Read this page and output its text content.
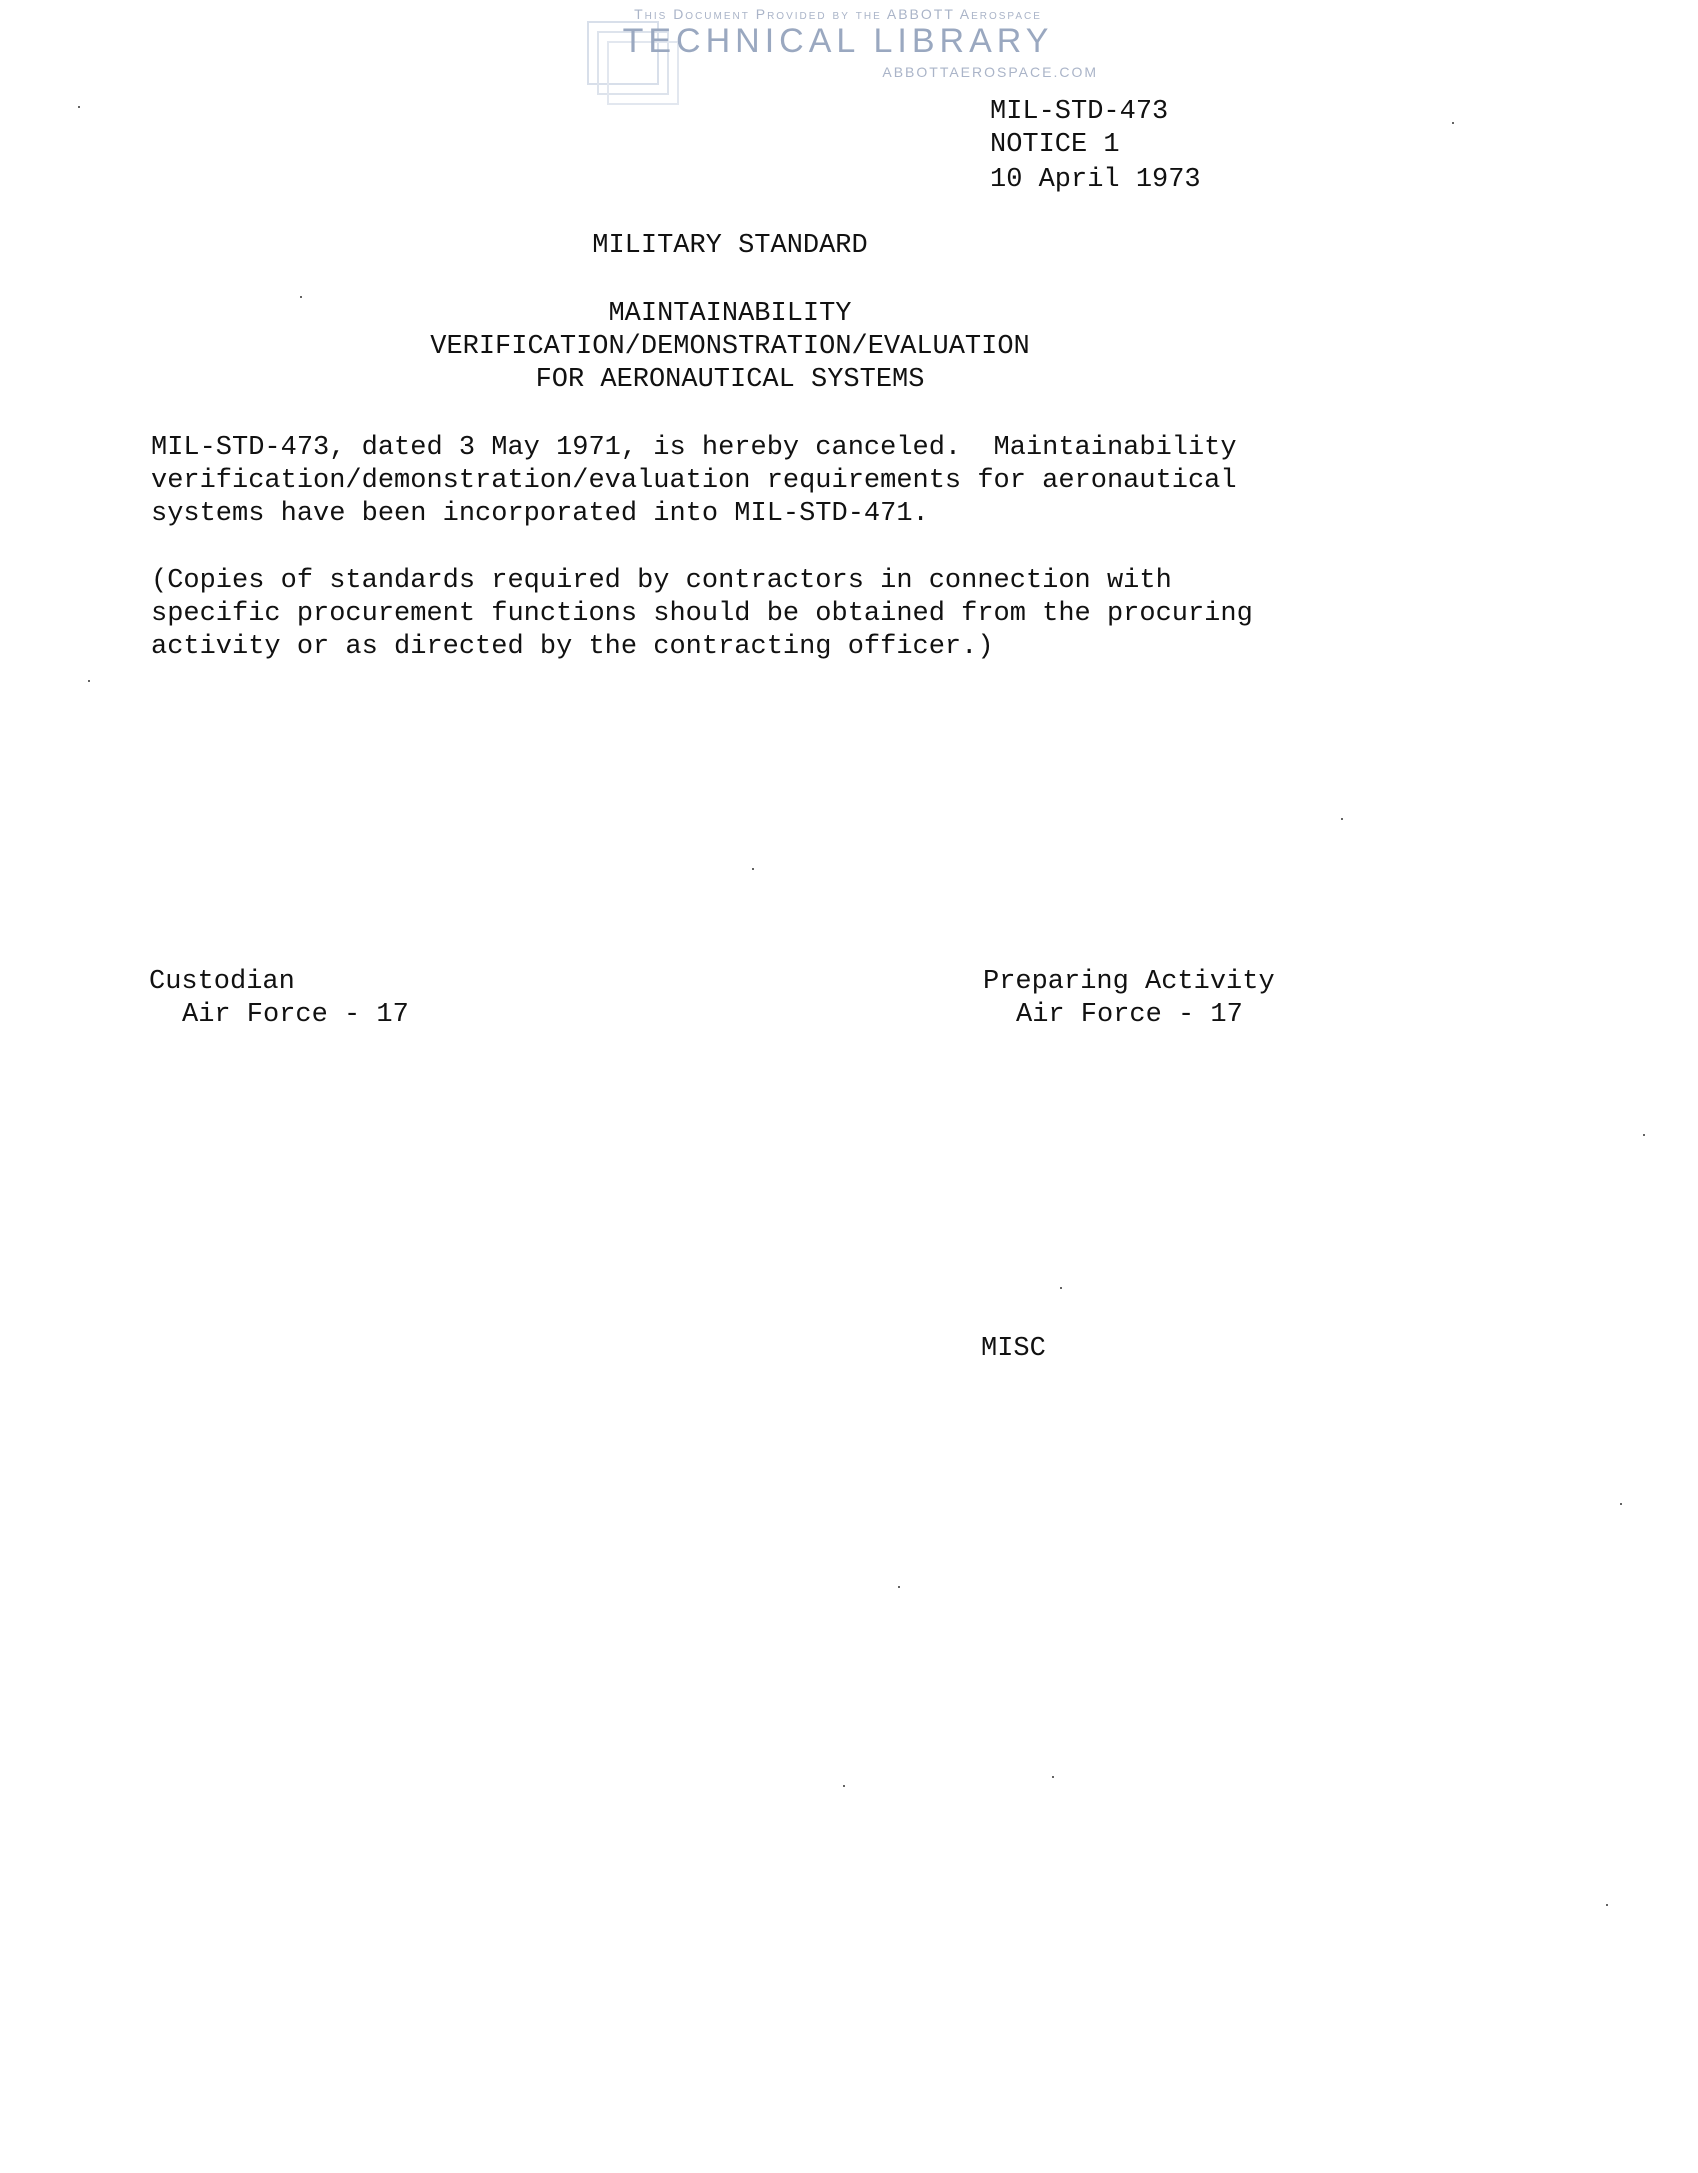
This Document Provided by the ABBOTT Aerospace
TECHNICAL LIBRARY
ABBOTTAEROSPACE.COM
MIL-STD-473
NOTICE 1
10 April 1973
MILITARY STANDARD
MAINTAINABILITY
VERIFICATION/DEMONSTRATION/EVALUATION
FOR AERONAUTICAL SYSTEMS
MIL-STD-473, dated 3 May 1971, is hereby canceled.  Maintainability
verification/demonstration/evaluation requirements for aeronautical
systems have been incorporated into MIL-STD-471.
(Copies of standards required by contractors in connection with
specific procurement functions should be obtained from the procuring
activity or as directed by the contracting officer.)
Custodian
Air Force - 17
Preparing Activity
Air Force - 17
MISC
